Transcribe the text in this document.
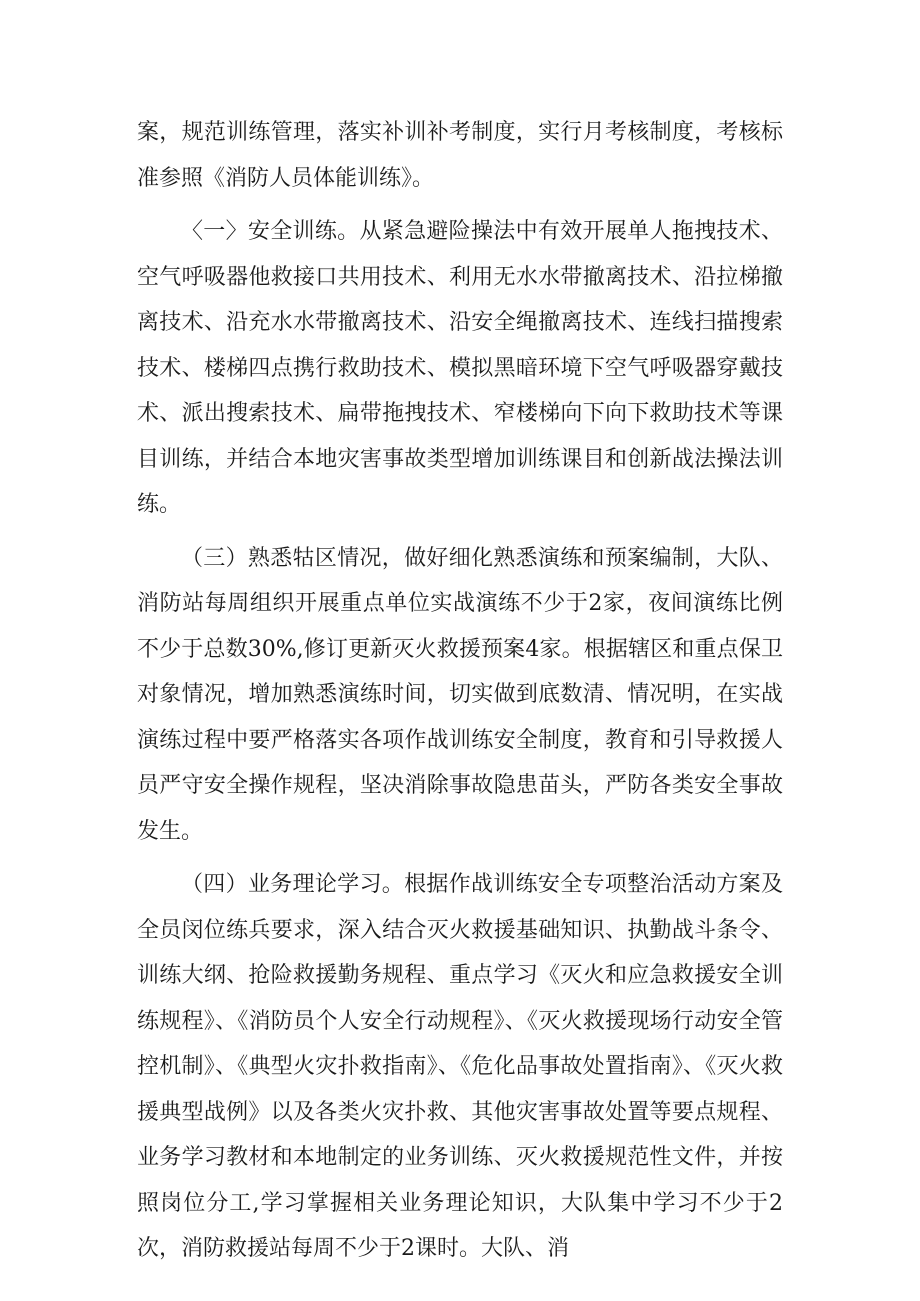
案，规范训练管理，落实补训补考制度，实行月考核制度，考核标准参照《消防人员体能训练》。

〈一〉安全训练。从紧急避险操法中有效开展单人拖拽技术、空气呼吸器他救接口共用技术、利用无水水带撤离技术、沿拉梯撤离技术、沿充水水带撤离技术、沿安全绳撤离技术、连线扫描搜索技术、楼梯四点携行救助技术、模拟黑暗环境下空气呼吸器穿戴技术、派出搜索技术、扁带拖拽技术、窄楼梯向下向下救助技术等课目训练，并结合本地灾害事故类型增加训练课目和创新战法操法训练。

（三）熟悉牯区情况，做好细化熟悉演练和预案编制，大队、消防站每周组织开展重点单位实战演练不少于2家，夜间演练比例不少于总数30%,修订更新灭火救援预案4家。根据辖区和重点保卫对象情况，增加熟悉演练时间，切实做到底数清、情况明，在实战演练过程中要严格落实各项作战训练安全制度，教育和引导救援人员严守安全操作规程，坚决消除事故隐患苗头，严防各类安全事故发生。

（四）业务理论学习。根据作战训练安全专项整治活动方案及全员闵位练兵要求，深入结合灭火救援基础知识、执勤战斗条令、训练大纲、抢险救援勤务规程、重点学习《灭火和应急救援安全训练规程》、《消防员个人安全行动规程》、《灭火救援现场行动安全管控机制》、《典型火灾扑救指南》、《危化品事故处置指南》、《灭火救援典型战例》以及各类火灾扑救、其他灾害事故处置等要点规程、业务学习教材和本地制定的业务训练、灭火救援规范性文件，并按照岗位分工,学习掌握相关业务理论知识，大队集中学习不少于2次，消防救援站每周不少于2课时。大队、消
